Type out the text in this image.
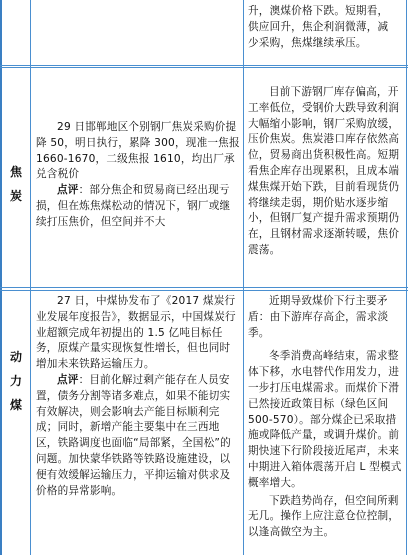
升，澳煤价格下跌。短期看，

供应回升，焦企利润微薄，减

少采购，焦煤继续承压。

焦炭

29 日邯郸地区个别钢厂焦炭采购价提降 50，明日执行，累降 300，现准一焦报 1660-1670，二级焦报 1610，均出厂承兑含税价

点评：部分焦企和贸易商已经出现亏损，但在炼焦煤松动的情况下，钢厂或继续打压焦价，但空间并不大

目前下游钢厂库存偏高，开工率低位，受钢价大跌导致利润大幅缩小影响，钢厂采购放缓，压价焦炭。焦炭港口库存依然高位，贸易商出货积极性高。短期看焦企库存出现累积，且成本端煤焦煤开始下跌，目前看现货仍将继续走弱，期价贴水逐步缩小，但钢厂复产提升需求预期仍在，且钢材需求逐渐转暖，焦价震荡。

动力煤

27 日，中煤协发布了《2017 煤炭行业发展年度报告》，数据显示，中国煤炭行业超额完成年初提出的 1.5 亿吨目标任务，原煤产量实现恢复性增长，但也同时增加未来铁路运输压力。

点评：目前化解过剩产能存在人员安置，债务分割等诸多难点，如果不能切实有效解决，则会影响去产能目标顺利完成；同时，新增产能主要集中在三西地区，铁路调度也面临“局部紧，全国松”的问题。加快蒙华铁路等铁路设施建设，以便有效缓解运输压力，平抑运输对供求及价格的异常影响。

近期导致煤价下行主要矛盾：由下游库存高企，需求淡季。

冬季消费高峰结束，需求整体下移，水电替代作用发力，进一步打压电煤需求。而煤价下滑已然接近政策目标（绿色区间 500-570）。部分煤企已采取措施或降低产量，或调升煤价。前期快速下行阶段接近尾声，未来中期进入箱体震荡开启 L 型模式概率增大。

下跌趋势尚存，但空间所剩无几。操作上应注意仓位控制，以逢高做空为主。
